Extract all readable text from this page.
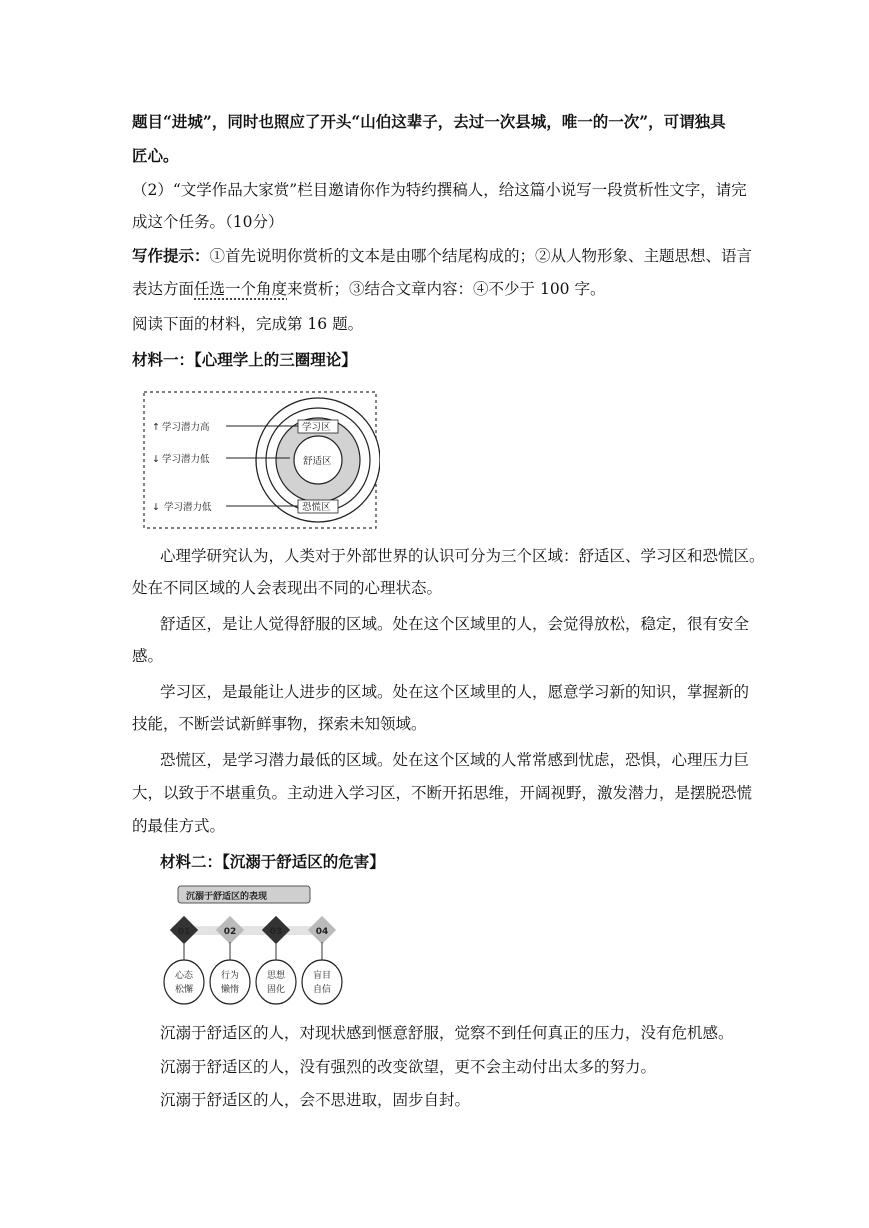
题目“进城”，同时也照应了开头“山伯这辈子，去过一次县城，唯一的一次”，可谓独具
匠心。
（2）“文学作品大家赏”栏目邀请你作为特约撰稿人，给这篇小说写一段赏析性文字，请完
成这个任务。（10分）
写作提示：①首先说明你赏析的文本是由哪个结尾构成的；②从人物形象、主题思想、语言
表达方面任选一个角度来赏析；③结合文章内容：④不少于 100 字。
阅读下面的材料，完成第 16 题。
材料一：【心理学上的三圈理论】
学习区
舒适区
恐慌区
↑ 学习潜力高
↓ 学习潜力低
↓ 学习潜力低
心理学研究认为，人类对于外部世界的认识可分为三个区域：舒适区、学习区和恐慌区。
处在不同区域的人会表现出不同的心理状态。
舒适区，是让人觉得舒服的区域。处在这个区域里的人，会觉得放松，稳定，很有安全
感。
学习区，是最能让人进步的区域。处在这个区域里的人，愿意学习新的知识，掌握新的
技能，不断尝试新鲜事物，探索未知领域。
恐慌区，是学习潜力最低的区域。处在这个区域的人常常感到忧虑，恐惧，心理压力巨
大，以致于不堪重负。主动进入学习区，不断开拓思维，开阔视野，激发潜力，是摆脱恐慌
的最佳方式。
材料二：【沉溺于舒适区的危害】
沉溺于舒适区的表现
01
心态
松懈
02
行为
懒惰
03
思想
固化
04
盲目
自信
沉溺于舒适区的人，对现状感到惬意舒服，觉察不到任何真正的压力，没有危机感。
沉溺于舒适区的人，没有强烈的改变欲望，更不会主动付出太多的努力。
沉溺于舒适区的人，会不思进取，固步自封。
